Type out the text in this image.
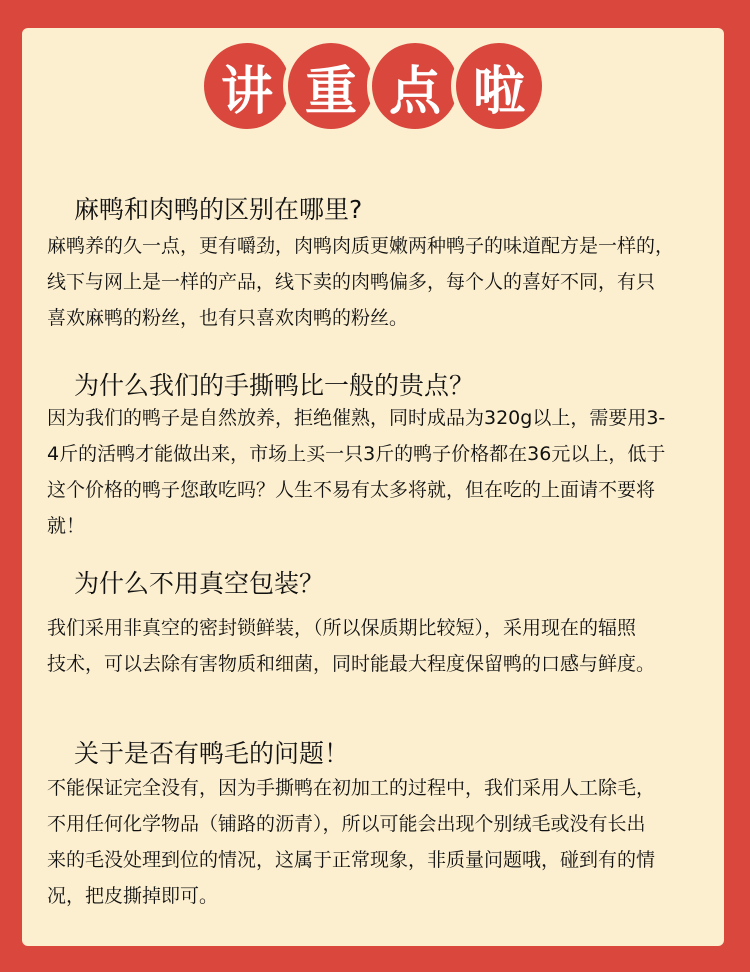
讲 重 点 啦
麻鸭和肉鸭的区别在哪里?
麻鸭养的久一点，更有嚼劲，肉鸭肉质更嫩两种鸭子的味道配方是一样的，
线下与网上是一样的产品，线下卖的肉鸭偏多，每个人的喜好不同，有只
喜欢麻鸭的粉丝，也有只喜欢肉鸭的粉丝。
为什么我们的手撕鸭比一般的贵点？
因为我们的鸭子是自然放养，拒绝催熟，同时成品为320g以上，需要用3-
4斤的活鸭才能做出来，市场上买一只3斤的鸭子价格都在36元以上，低于
这个价格的鸭子您敢吃吗？人生不易有太多将就，但在吃的上面请不要将
就！
为什么不用真空包装？
我们采用非真空的密封锁鲜装，（所以保质期比较短），采用现在的辐照
技术，可以去除有害物质和细菌，同时能最大程度保留鸭的口感与鲜度。
关于是否有鸭毛的问题！
不能保证完全没有，因为手撕鸭在初加工的过程中，我们采用人工除毛，
不用任何化学物品（铺路的沥青），所以可能会出现个别绒毛或没有长出
来的毛没处理到位的情况，这属于正常现象，非质量问题哦，碰到有的情
况，把皮撕掉即可。
